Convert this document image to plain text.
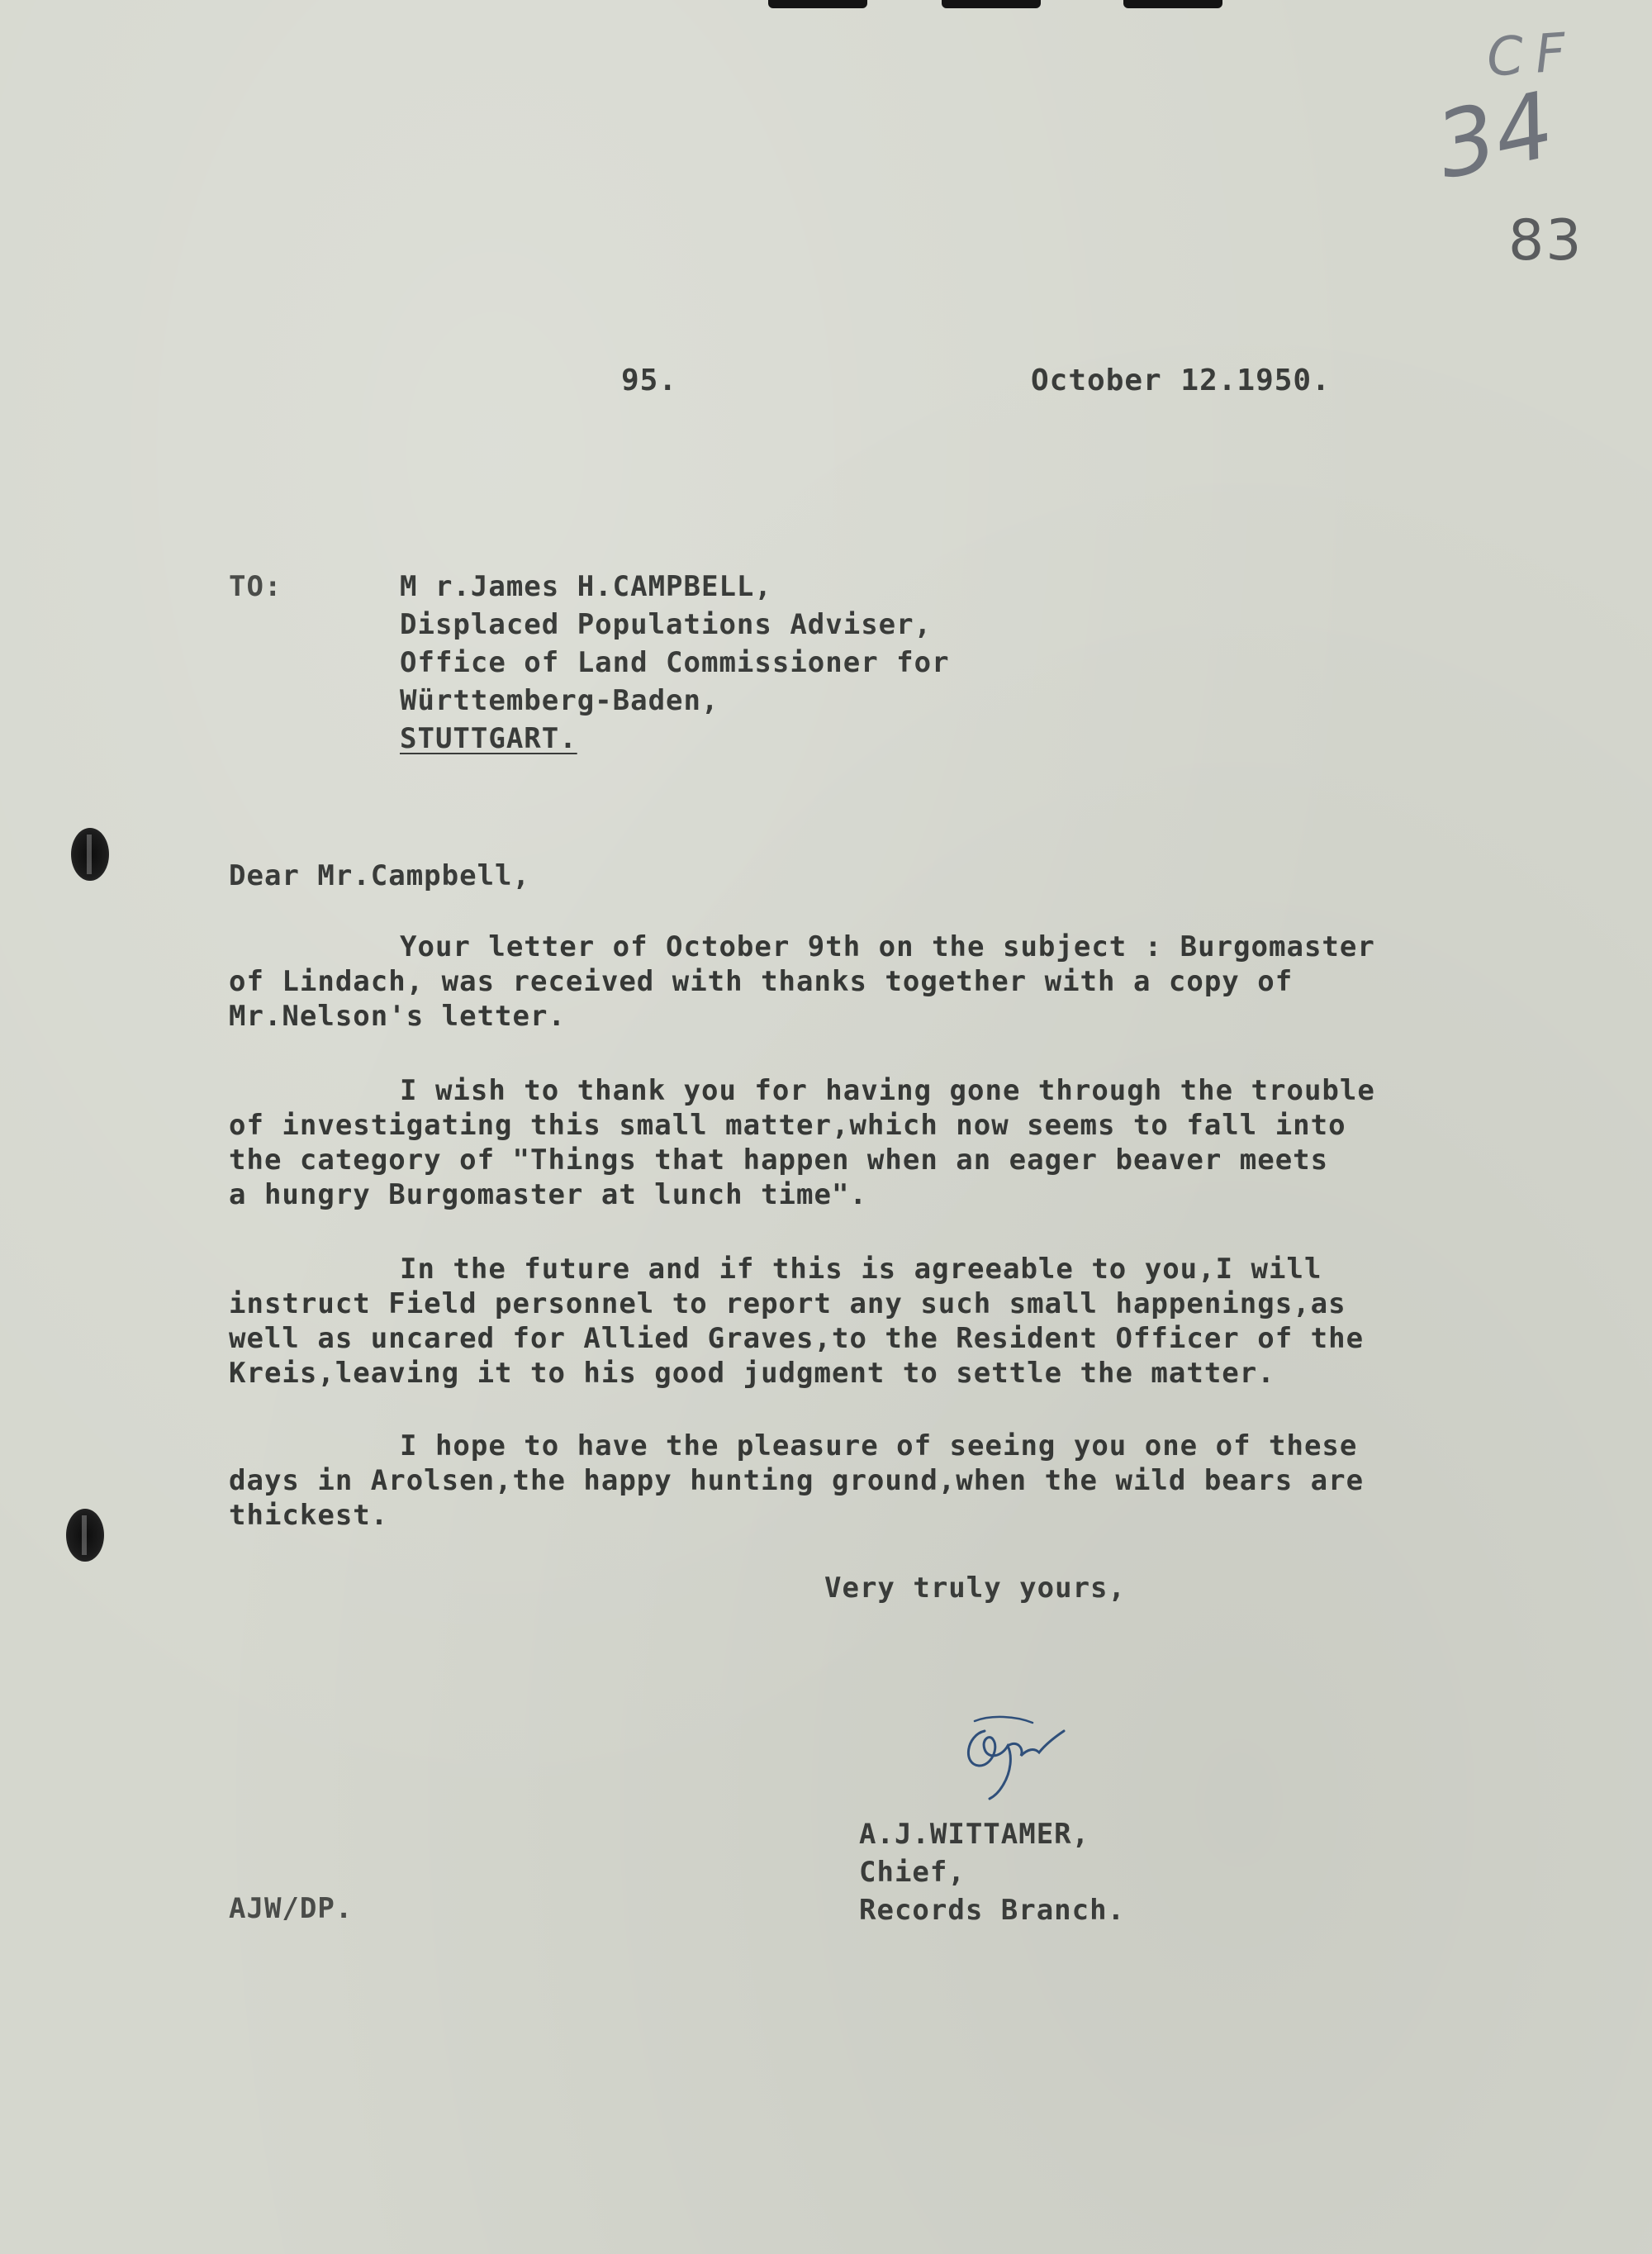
CF
34
83
95.	October 12.1950.
TO:	M r.James H.CAMPBELL,
Displaced Populations Adviser,
Office of Land Commissioner for
Württemberg-Baden,
STUTTGART.
Dear Mr.Campbell,
Your letter of October 9th on the subject : Burgomaster
of Lindach, was received with thanks together with a copy of
Mr.Nelson's letter.
I wish to thank you for having gone through the trouble
of investigating this small matter,which now seems to fall into
the category of "Things that happen when an eager beaver meets
a hungry Burgomaster at lunch time".
In the future and if this is agreeable to you,I will
instruct Field personnel to report any such small happenings,as
well as uncared for Allied Graves,to the Resident Officer of the
Kreis,leaving it to his good judgment to settle the matter.
I hope to have the pleasure of seeing you one of these
days in Arolsen,the happy hunting ground,when the wild bears are
thickest.
Very truly yours,
A.J.WITTAMER,
Chief,
Records Branch.
AJW/DP.
